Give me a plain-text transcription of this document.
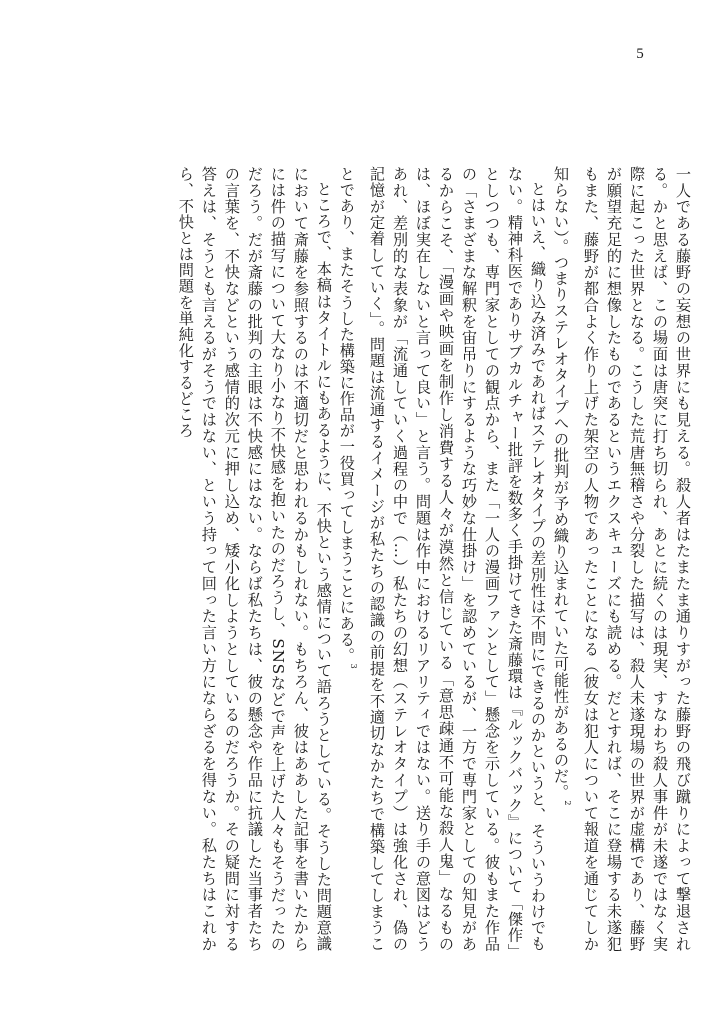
5

一人である藤野の妄想の世界にも見える。殺人者はたまたま通りすがった藤野の飛び蹴りによって撃退される。かと思えば、この場面は唐突に打ち切られ、あとに続くのは現実、すなわち殺人事件が未遂ではなく実際に起こった世界となる。こうした荒唐無稽さや分裂した描写は、殺人未遂現場の世界が虚構であり、藤野が願望充足的に想像したものであるというエクスキューズにも読める。だとすれば、そこに登場する未遂犯もまた、藤野が都合よく作り上げた架空の人物であったことになる（彼女は犯人について報道を通じてしか知らない）。つまりステレオタイプへの批判が予め織り込まれていた可能性があるのだ。$^2$

とはいえ、織り込み済みであればステレオタイプの差別性は不問にできるのかというと、そういうわけでもない。精神科医でありサブカルチャー批評を数多く手掛けてきた斎藤環は『ルックバック』について「傑作」としつつも、専門家としての観点から、また「一人の漫画ファンとして」懸念を示している。彼もまた作品の「さまざまな解釈を宙吊りにするような巧妙な仕掛け」を認めているが、一方で専門家としての知見があるからこそ、「漫画や映画を制作し消費する人々が漠然と信じている「意思疎通不可能な殺人鬼」なるものは、ほぼ実在しないと言って良い」と言う。問題は作中におけるリアリティではない。送り手の意図はどうあれ、差別的な表象が「流通していく過程の中で（…）私たちの幻想（ステレオタイプ）は強化され、偽の記憶が定着していく」。問題は流通するイメージが私たちの認識の前提を不適切なかたちで構築してしまうことであり、またそうした構築に作品が一役買ってしまうことにある。$^3$

ところで、本稿はタイトルにもあるように、不快という感情について語ろうとしている。そうした問題意識において斎藤を参照するのは不適切だと思われるかもしれない。もちろん、彼はああした記事を書いたからには件の描写について大なり小なり不快感を抱いたのだろうし、SNSなどで声を上げた人々もそうだったのだろう。だが斎藤の批判の主眼は不快感にはない。ならば私たちは、彼の懸念や作品に抗議した当事者たちの言葉を、不快などという感情的次元に押し込め、矮小化しようとしているのだろうか。その疑問に対する答えは、そうとも言えるがそうではない、という持って回った言い方にならざるを得ない。私たちはこれから、不快とは問題を単純化するどころ
